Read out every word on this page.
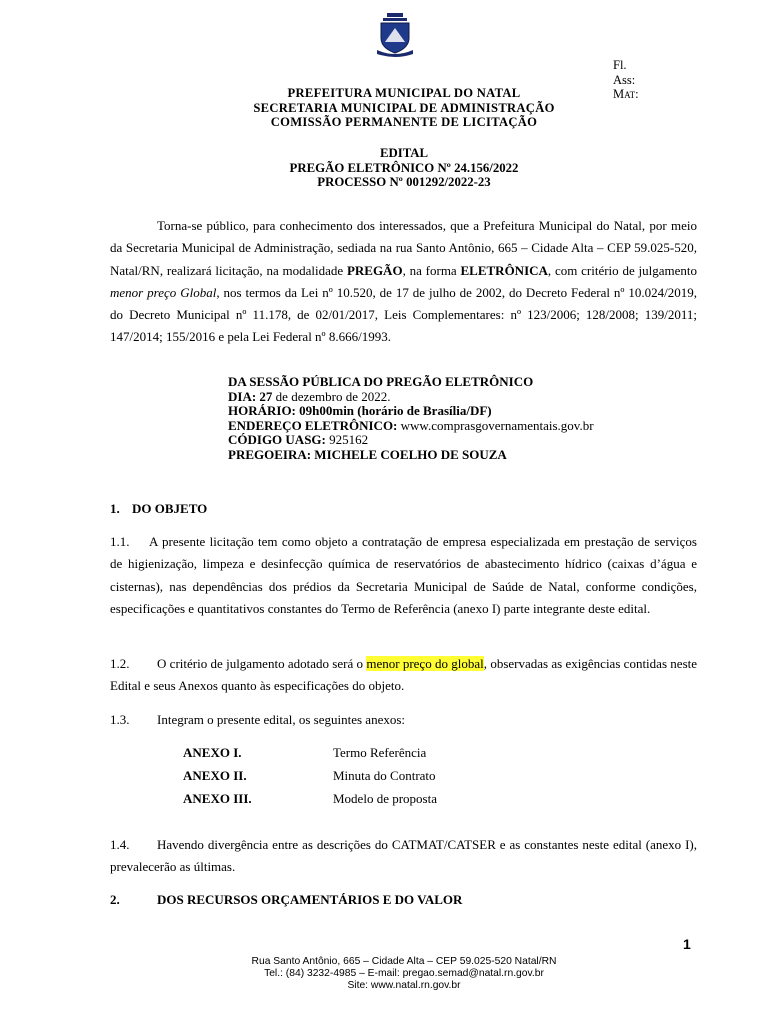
Fl.
Ass:
Mat:
PREFEITURA MUNICIPAL DO NATAL
SECRETARIA MUNICIPAL DE ADMINISTRAÇÃO
COMISSÃO PERMANENTE DE LICITAÇÃO
EDITAL
PREGÃO ELETRÔNICO Nº 24.156/2022
PROCESSO Nº 001292/2022-23
Torna-se público, para conhecimento dos interessados, que a Prefeitura Municipal do Natal, por meio da Secretaria Municipal de Administração, sediada na rua Santo Antônio, 665 – Cidade Alta – CEP 59.025-520, Natal/RN, realizará licitação, na modalidade PREGÃO, na forma ELETRÔNICA, com critério de julgamento menor preço Global, nos termos da Lei nº 10.520, de 17 de julho de 2002, do Decreto Federal nº 10.024/2019, do Decreto Municipal nº 11.178, de 02/01/2017, Leis Complementares: nº 123/2006; 128/2008; 139/2011; 147/2014; 155/2016 e pela Lei Federal nº 8.666/1993.
DA SESSÃO PÚBLICA DO PREGÃO ELETRÔNICO
DIA: 27 de dezembro de 2022.
HORÁRIO: 09h00min (horário de Brasília/DF)
ENDEREÇO ELETRÔNICO: www.comprasgovernamentais.gov.br
CÓDIGO UASG: 925162
PREGOEIRA: MICHELE COELHO DE SOUZA
1. DO OBJETO
1.1. A presente licitação tem como objeto a contratação de empresa especializada em prestação de serviços de higienização, limpeza e desinfecção química de reservatórios de abastecimento hídrico (caixas d’água e cisternas), nas dependências dos prédios da Secretaria Municipal de Saúde de Natal, conforme condições, especificações e quantitativos constantes do Termo de Referência (anexo I) parte integrante deste edital.
1.2. O critério de julgamento adotado será o menor preço do global, observadas as exigências contidas neste Edital e seus Anexos quanto às especificações do objeto.
1.3. Integram o presente edital, os seguintes anexos:
ANEXO I.	Termo Referência
ANEXO II.	Minuta do Contrato
ANEXO III.	Modelo de proposta
1.4. Havendo divergência entre as descrições do CATMAT/CATSER e as constantes neste edital (anexo I), prevalecerão as últimas.
2.	DOS RECURSOS ORÇAMENTÁRIOS E DO VALOR
1
Rua Santo Antônio, 665 – Cidade Alta – CEP 59.025-520 Natal/RN
Tel.: (84) 3232-4985 – E-mail: pregao.semad@natal.rn.gov.br
Site: www.natal.rn.gov.br
